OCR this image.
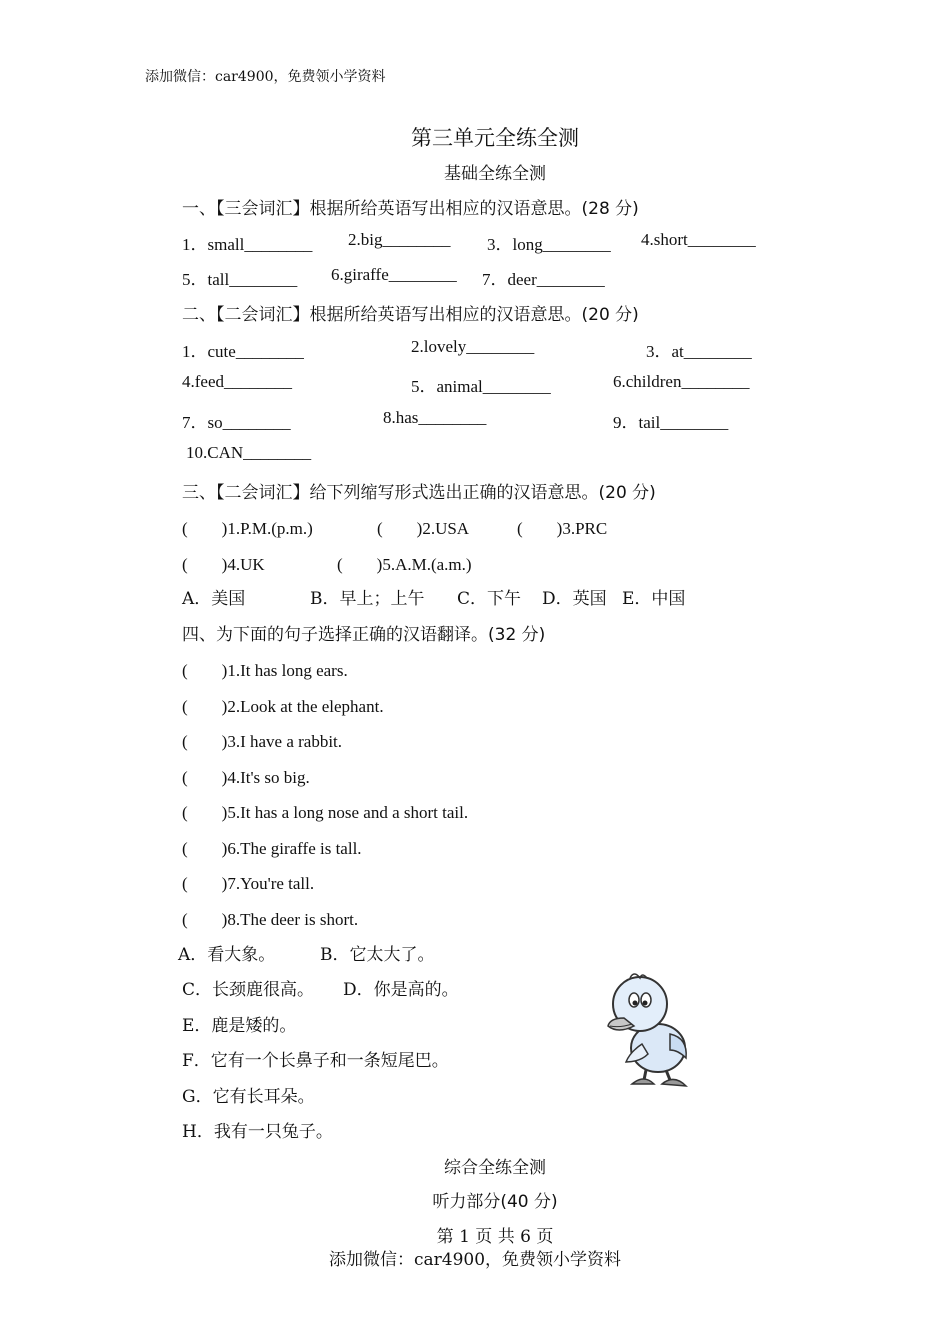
添加微信：car4900，免费领小学资料
第三单元全练全测
基础全练全测
一、【三会词汇】根据所给英语写出相应的汉语意思。(28 分)
1．small________ 2.big________ 3．long________ 4.short________
5．tall________ 6.giraffe________ 7．deer________
二、【二会词汇】根据所给英语写出相应的汉语意思。(20 分)
1．cute________	2.lovely________	3．at________
4.feed________	5．animal________	6.children________
7．so________	8.has________	9．tail________
10.CAN________
三、【二会词汇】给下列缩写形式选出正确的汉语意思。(20 分)
(　　)1.P.M.(p.m.)	(　　)2.USA	(　　)3.PRC
(　　)4.UK	(　　)5.A.M.(a.m.)
A．美国	B．早上；上午 C．下午 D．英国 E．中国
四、为下面的句子选择正确的汉语翻译。(32 分)
(　　)1.It has long ears.
(　　)2.Look at the elephant.
(　　)3.I have a rabbit.
(　　)4.It's so big.
(　　)5.It has a long nose and a short tail.
(　　)6.The giraffe is tall.
(　　)7.You're tall.
(　　)8.The deer is short.
A．看大象。	B．它太大了。
C．长颈鹿很高。 D．你是高的。
E．鹿是矮的。
F．它有一个长鼻子和一条短尾巴。
G．它有长耳朵。
H．我有一只兔子。
综合全练全测
听力部分(40 分)
第 1 页 共 6 页
添加微信：car4900，免费领小学资料
